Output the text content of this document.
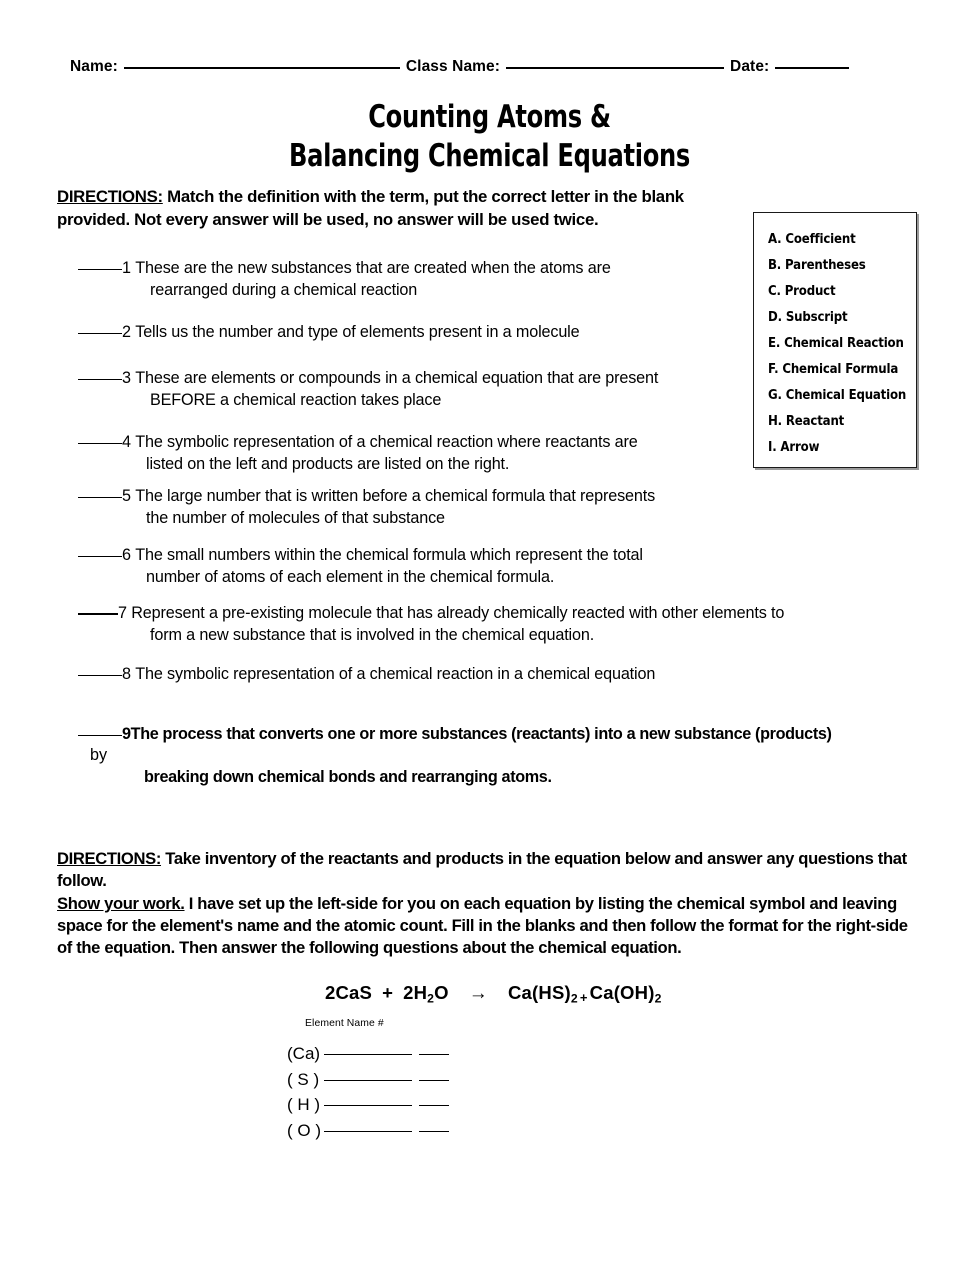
Name:	Class Name:	Date:
Counting Atoms &
Balancing Chemical Equations
DIRECTIONS: Match the definition with the term, put the correct letter in the blank provided. Not every answer will be used, no answer will be used twice.
A. Coefficient
B. Parentheses
C. Product
D. Subscript
E. Chemical Reaction
F. Chemical Formula
G. Chemical Equation
H. Reactant
I. Arrow
1 These are the new substances that are created when the atoms are
rearranged during a chemical reaction
2 Tells us the number and type of elements present in a molecule
3 These are elements or compounds in a chemical equation that are present
BEFORE a chemical reaction takes place
4 The symbolic representation of a chemical reaction where reactants are
listed on the left and products are listed on the right.
5 The large number that is written before a chemical formula that represents
the number of molecules of that substance
6 The small numbers within the chemical formula which represent the total
number of atoms of each element in the chemical formula.
7 Represent a pre-existing molecule that has already chemically reacted with other elements to
form a new substance that is involved in the chemical equation.
8 The symbolic representation of a chemical reaction in a chemical equation
9The process that converts one or more substances (reactants) into a new substance (products)
by
breaking down chemical bonds and rearranging atoms.
DIRECTIONS: Take inventory of the reactants and products in the equation below and answer any questions that follow.
Show your work. I have set up the left-side for you on each equation by listing the chemical symbol and leaving space for the element's name and the atomic count. Fill in the blanks and then follow the format for the right-side of the equation. Then answer the following questions about the chemical equation.
$2CaS + 2H_2O \to Ca(HS)_2 + Ca(OH)_2$
Element Name #
(Ca)
( S )
( H )
( O )
